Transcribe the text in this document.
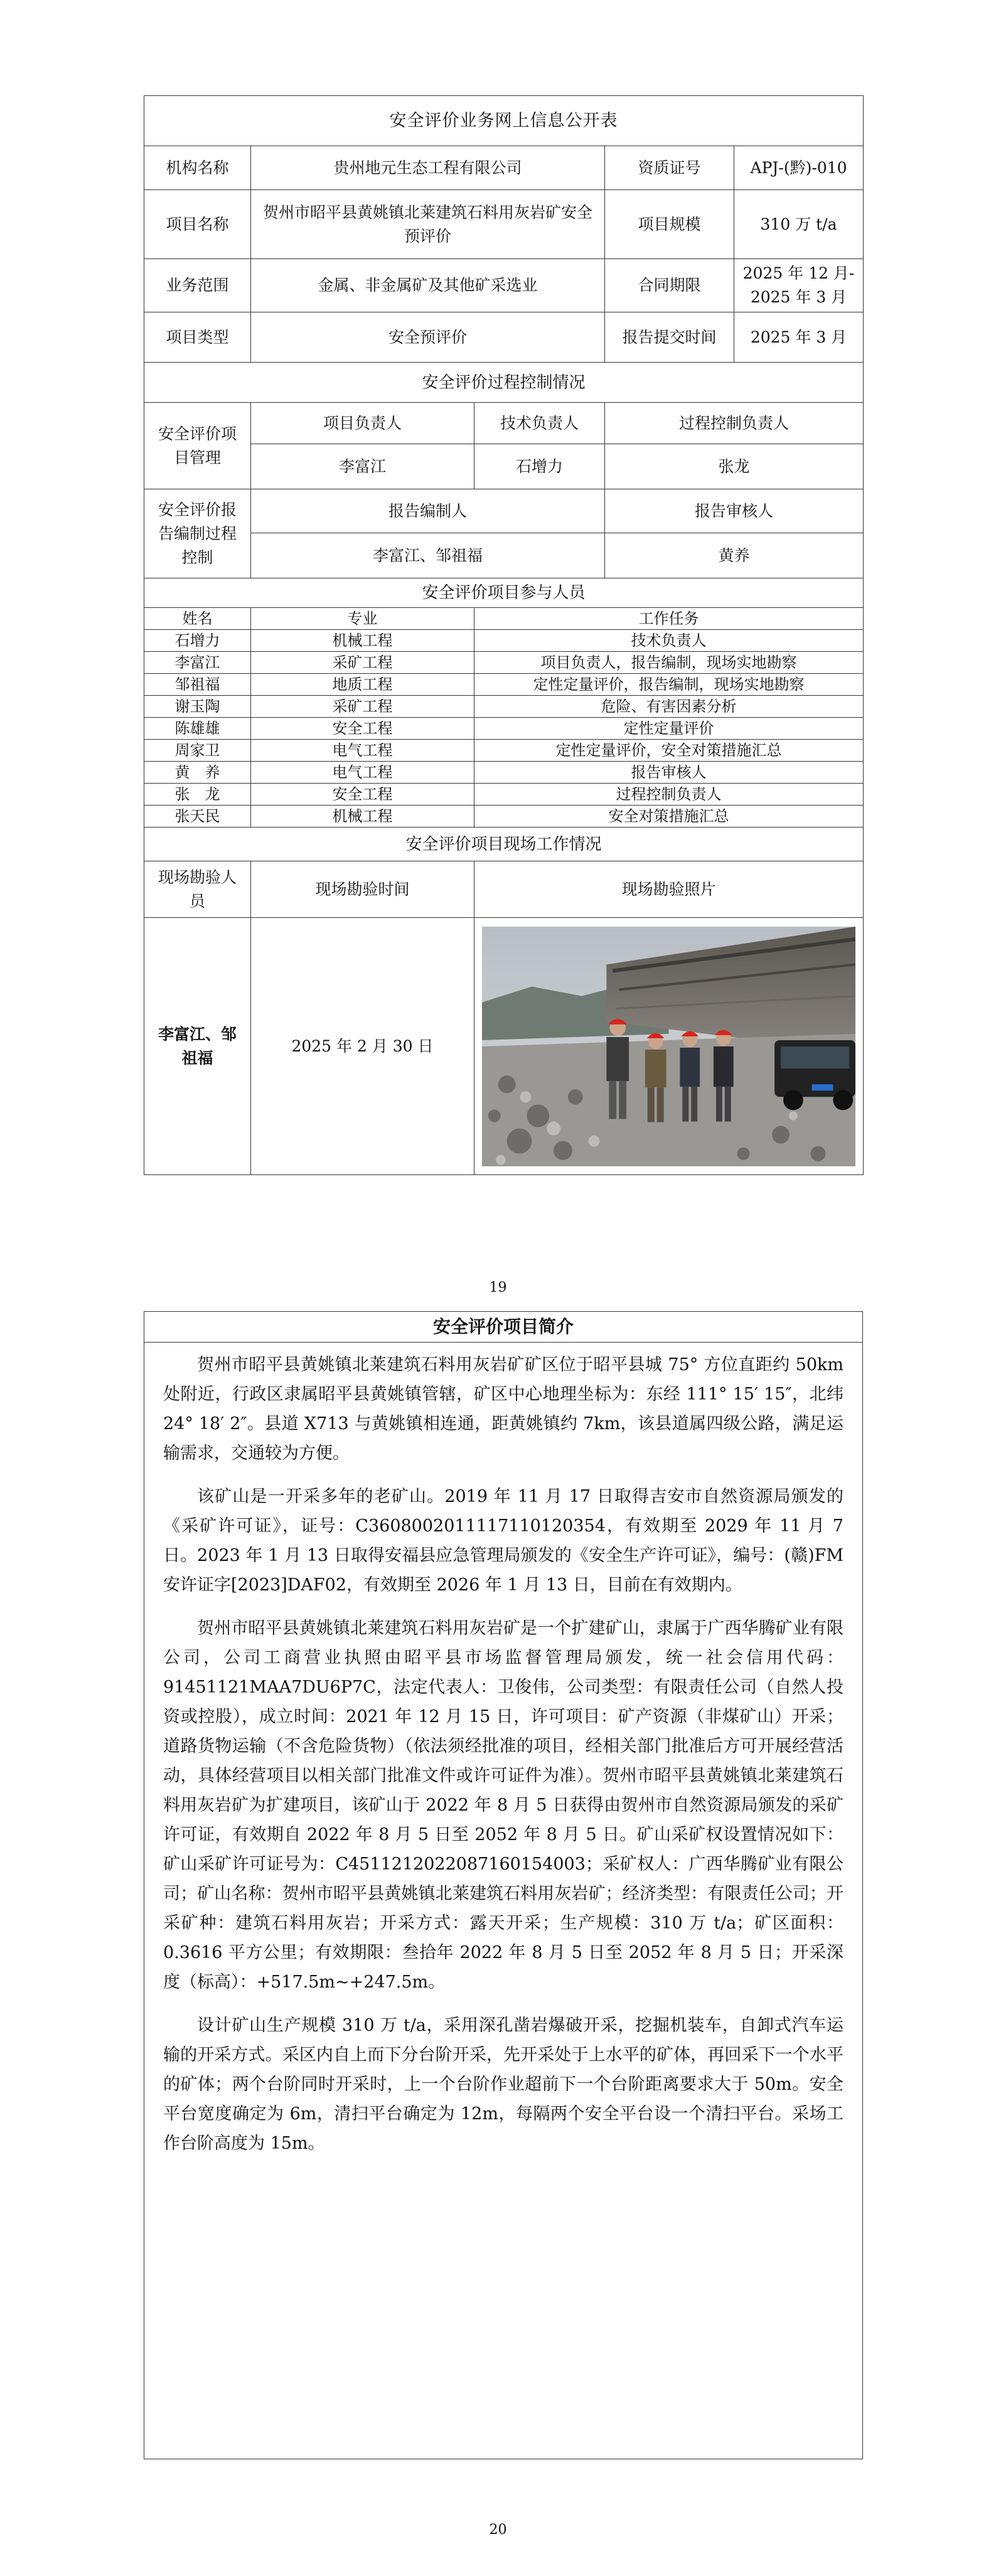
安全评价业务网上信息公开表				
机构名称	贵州地元生态工程有限公司		资质证号	APJ-(黔)-010
项目名称	贺州市昭平县黄姚镇北莱建筑石料用灰岩矿安全预评价		项目规模	310 万 t/a
业务范围	金属、非金属矿及其他矿采选业		合同期限	2025 年 12 月-2025 年 3 月
项目类型	安全预评价		报告提交时间	2025 年 3 月
安全评价过程控制情况				
安全评价项目管理	项目负责人	技术负责人	过程控制负责人	
	李富江	石增力	张龙	
安全评价报告编制过程控制	报告编制人		报告审核人	
	李富江、邹祖福		黄养	
安全评价项目参与人员				
姓名	专业	工作任务		
石增力	机械工程	技术负责人		
李富江	采矿工程	项目负责人，报告编制，现场实地勘察		
邹祖福	地质工程	定性定量评价，报告编制，现场实地勘察		
谢玉陶	采矿工程	危险、有害因素分析		
陈雄雄	安全工程	定性定量评价		
周家卫	电气工程	定性定量评价，安全对策措施汇总		
黄　养	电气工程	报告审核人		
张　龙	安全工程	过程控制负责人		
张天民	机械工程	安全对策措施汇总		
安全评价项目现场工作情况				
现场勘验人员	现场勘验时间	现场勘验照片		
李富江、邹祖福	2025 年 2 月 30 日	
19
安全评价项目简介

贺州市昭平县黄姚镇北莱建筑石料用灰岩矿矿区位于昭平县城 75° 方位直距约 50km 处附近，行政区隶属昭平县黄姚镇管辖，矿区中心地理坐标为：东经 111° 15′ 15″，北纬 24° 18′ 2″。县道 X713 与黄姚镇相连通，距黄姚镇约 7km，该县道属四级公路，满足运输需求，交通较为方便。

该矿山是一开采多年的老矿山。2019 年 11 月 17 日取得吉安市自然资源局颁发的《采矿许可证》，证号：C3608002011117110120354，有效期至 2029 年 11 月 7 日。2023 年 1 月 13 日取得安福县应急管理局颁发的《安全生产许可证》，编号：(赣)FM 安许证字[2023]DAF02，有效期至 2026 年 1 月 13 日，目前在有效期内。

贺州市昭平县黄姚镇北莱建筑石料用灰岩矿是一个扩建矿山，隶属于广西华腾矿业有限公司，公司工商营业执照由昭平县市场监督管理局颁发，统一社会信用代码：91451121MAA7DU6P7C，法定代表人：卫俊伟，公司类型：有限责任公司（自然人投资或控股），成立时间：2021 年 12 月 15 日，许可项目：矿产资源（非煤矿山）开采；道路货物运输（不含危险货物）（依法须经批准的项目，经相关部门批准后方可开展经营活动，具体经营项目以相关部门批准文件或许可证件为准）。贺州市昭平县黄姚镇北莱建筑石料用灰岩矿为扩建项目，该矿山于 2022 年 8 月 5 日获得由贺州市自然资源局颁发的采矿许可证，有效期自 2022 年 8 月 5 日至 2052 年 8 月 5 日。矿山采矿权设置情况如下：矿山采矿许可证号为：C4511212022087160154003；采矿权人：广西华腾矿业有限公司；矿山名称：贺州市昭平县黄姚镇北莱建筑石料用灰岩矿；经济类型：有限责任公司；开采矿种：建筑石料用灰岩；开采方式：露天开采；生产规模：310 万 t/a；矿区面积：0.3616 平方公里；有效期限：叁拾年 2022 年 8 月 5 日至 2052 年 8 月 5 日；开采深度（标高）：+517.5m~+247.5m。

设计矿山生产规模 310 万 t/a，采用深孔凿岩爆破开采，挖掘机装车，自卸式汽车运输的开采方式。采区内自上而下分台阶开采，先开采处于上水平的矿体，再回采下一个水平的矿体；两个台阶同时开采时，上一个台阶作业超前下一个台阶距离要求大于 50m。安全平台宽度确定为 6m，清扫平台确定为 12m，每隔两个安全平台设一个清扫平台。采场工作台阶高度为 15m。

20
